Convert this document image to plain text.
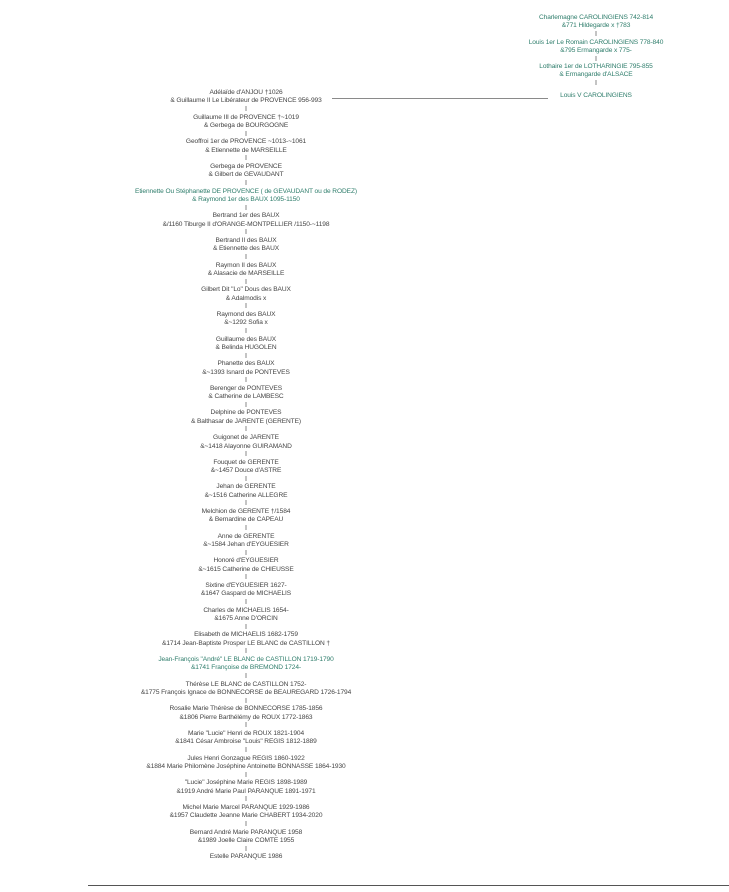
Charlemagne CAROLINGIENS 742-814
&771 Hildegarde x †783
Louis 1er Le Romain CAROLINGIENS 778-840
&795 Ermangarde x 775-
Lothaire 1er de LOTHARINGIE 795-855
& Ermangarde d'ALSACE
Louis V CAROLINGIENS
Adélaïde d'ANJOU †1026
& Guillaume II Le Libérateur de PROVENCE 956-993
Guillaume III de PROVENCE †~1019
& Gerbega de BOURGOGNE
Geoffroi 1er de PROVENCE ~1013-~1061
& Etiennette de MARSEILLE
Gerbega de PROVENCE
& Gilbert de GEVAUDANT
Etiennette Ou Stéphanette DE PROVENCE ( de GEVAUDANT ou de RODEZ)
& Raymond 1er des BAUX 1095-1150
Bertrand 1er des BAUX
&/1160 Tiburge II d'ORANGE-MONTPELLIER /1150-~1198
Bertrand II des BAUX
& Etiennette des BAUX
Raymon II des BAUX
& Alasacie de MARSEILLE
Gilbert Dit "Lo" Dous des BAUX
& Adalmodis x
Raymond des BAUX
&~1292 Sofia x
Guillaume des BAUX
& Belinda HUGOLEN
Phanette des BAUX
&~1393 Isnard de PONTEVES
Berenger de PONTEVES
& Catherine de LAMBESC
Delphine de PONTEVES
& Balthasar de JARENTE (GERENTE)
Guigonet de JARENTE
&~1418 Alayonne GUIRAMAND
Fouquet de GERENTE
&~1457 Douce d'ASTRE
Jehan de GERENTE
&~1516 Catherine ALLEGRE
Melchion de GERENTE †/1584
& Bernardine de CAPEAU
Anne de GERENTE
&~1584 Jehan d'EYGUESIER
Honoré d'EYGUESIER
&~1615 Catherine de CHIEUSSE
Sixtine d'EYGUESIER 1627-
&1647 Gaspard de MICHAELIS
Charles de MICHAELIS 1654-
&1675 Anne D'ORCIN
Elisabeth de MICHAELIS 1682-1759
&1714 Jean-Baptiste Prosper LE BLANC de CASTILLON †
Jean-François "André" LE BLANC de CASTILLON 1719-1790
&1741 Françoise de BREMOND 1724-
Thérèse LE BLANC de CASTILLON 1752-
&1775 François Ignace de BONNECORSE de BEAUREGARD 1726-1794
Rosalie Marie Thérèse de BONNECORSE 1785-1856
&1806 Pierre Barthélémy de ROUX 1772-1863
Marie "Lucie" Henri de ROUX 1821-1904
&1841 César Ambroise "Louis" REGIS 1812-1889
Jules Henri Gonzague REGIS 1860-1922
&1884 Marie Philomène Joséphine Antoinette BONNASSE 1864-1930
"Lucie" Joséphine Marie REGIS 1898-1989
&1919 André Marie Paul PARANQUE 1891-1971
Michel Marie Marcel PARANQUE 1929-1986
&1957 Claudette Jeanne Marie CHABERT 1934-2020
Bernard André Marie PARANQUE 1958
&1989 Joelle Claire COMTE 1955
Estelle PARANQUE 1986
